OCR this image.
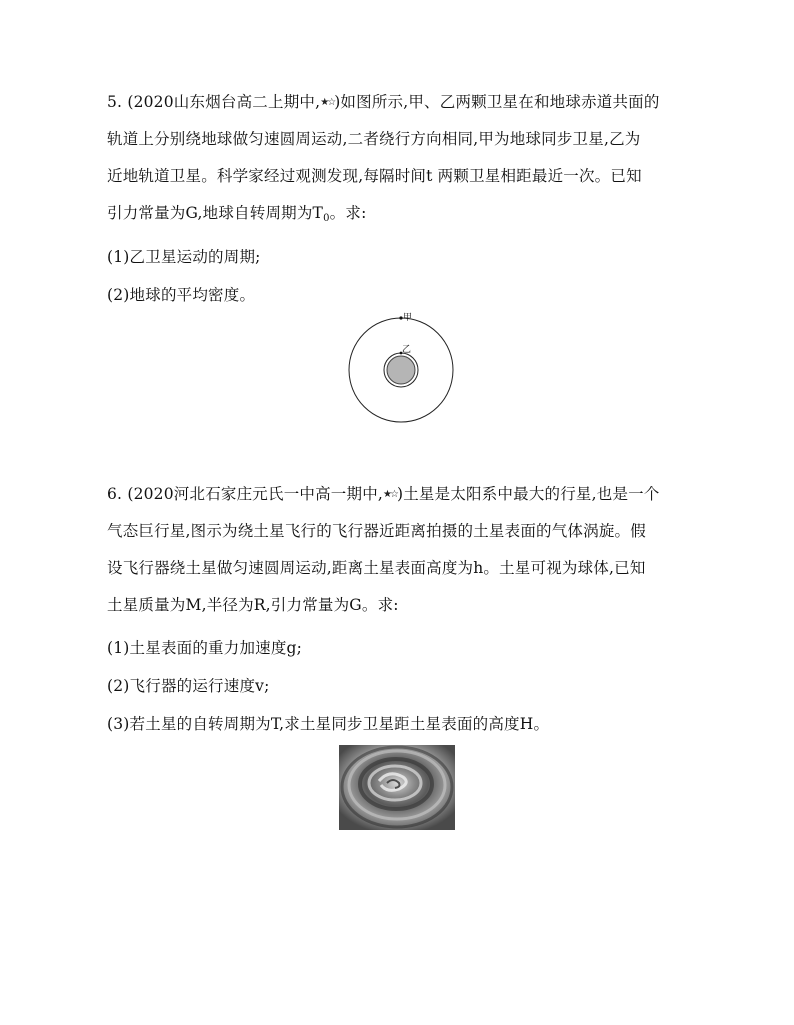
5. (2020山东烟台高二上期中,★☆)如图所示,甲、乙两颗卫星在和地球赤道共面的
轨道上分别绕地球做匀速圆周运动,二者绕行方向相同,甲为地球同步卫星,乙为
近地轨道卫星。科学家经过观测发现,每隔时间t 两颗卫星相距最近一次。已知
引力常量为G,地球自转周期为$T_0$。求:
(1)乙卫星运动的周期;
(2)地球的平均密度。
甲
乙
6. (2020河北石家庄元氏一中高一期中,★☆)土星是太阳系中最大的行星,也是一个
气态巨行星,图示为绕土星飞行的飞行器近距离拍摄的土星表面的气体涡旋。假
设飞行器绕土星做匀速圆周运动,距离土星表面高度为h。土星可视为球体,已知
土星质量为M,半径为R,引力常量为G。求:
(1)土星表面的重力加速度g;
(2)飞行器的运行速度v;
(3)若土星的自转周期为T,求土星同步卫星距土星表面的高度H。
